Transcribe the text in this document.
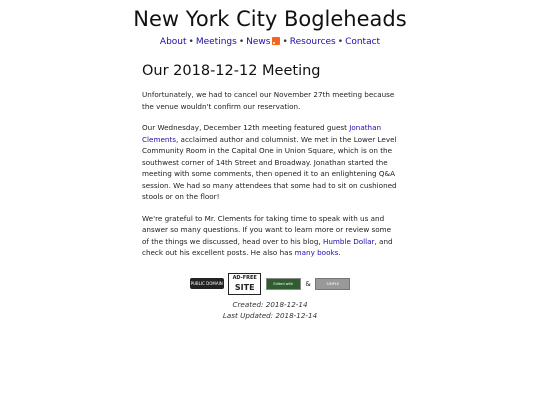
New York City Bogleheads
About • Meetings • News • Resources • Contact
Our 2018-12-12 Meeting

Unfortunately, we had to cancel our November 27th meeting because the venue wouldn't confirm our reservation.

Our Wednesday, December 12th meeting featured guest Jonathan Clements, acclaimed author and columnist. We met in the Lower Level Community Room in the Capital One in Union Square, which is on the southwest corner of 14th Street and Broadway. Jonathan started the meeting with some comments, then opened it to an enlightening Q&A session. We had so many attendees that some had to sit on cushioned stools or on the floor!

We're grateful to Mr. Clements for taking time to speak with us and answer so many questions. If you want to learn more or review some of the things we discussed, head over to his blog, Humble Dollar, and check out his excellent posts. He also has many books.

PUBLIC DOMAIN
AD-FREE
SITE	Edited with &	SIMPLE
Created: 2018-12-14
Last Updated: 2018-12-14
